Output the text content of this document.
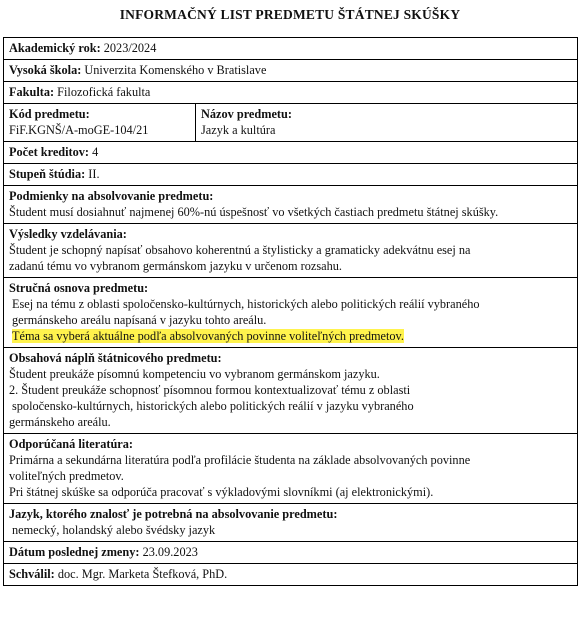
INFORMAČNÝ LIST PREDMETU ŠTÁTNEJ SKÚŠKY
Akademický rok: 2023/2024
Vysoká škola: Univerzita Komenského v Bratislave
Fakulta: Filozofická fakulta
Kód predmetu:
FiF.KGNŠ/A-moGE-104/21
Názov predmetu:
Jazyk a kultúra
Počet kreditov: 4
Stupeň štúdia: II.
Podmienky na absolvovanie predmetu:
Študent musí dosiahnuť najmenej 60%-nú úspešnosť vo všetkých častiach predmetu štátnej skúšky.
Výsledky vzdelávania:
Študent je schopný napísať obsahovo koherentnú a štylisticky a gramaticky adekvátnu esej na
zadanú tému vo vybranom germánskom jazyku v určenom rozsahu.
Stručná osnova predmetu:
Esej na tému z oblasti spoločensko-kultúrnych, historických alebo politických reálií vybraného
germánskeho areálu napísaná v jazyku tohto areálu.
Téma sa vyberá aktuálne podľa absolvovaných povinne voliteľných predmetov.
Obsahová náplň štátnicového predmetu:
Študent preukáže písomnú kompetenciu vo vybranom germánskom jazyku.
2. Študent preukáže schopnosť písomnou formou kontextualizovať tému z oblasti
spoločensko-kultúrnych, historických alebo politických reálií v jazyku vybraného
germánskeho areálu.
Odporúčaná literatúra:
Primárna a sekundárna literatúra podľa profilácie študenta na základe absolvovaných povinne
voliteľných predmetov.
Pri štátnej skúške sa odporúča pracovať s výkladovými slovníkmi (aj elektronickými).
Jazyk, ktorého znalosť je potrebná na absolvovanie predmetu:
nemecký, holandský alebo švédsky jazyk
Dátum poslednej zmeny: 23.09.2023
Schválil: doc. Mgr. Marketa Štefková, PhD.
